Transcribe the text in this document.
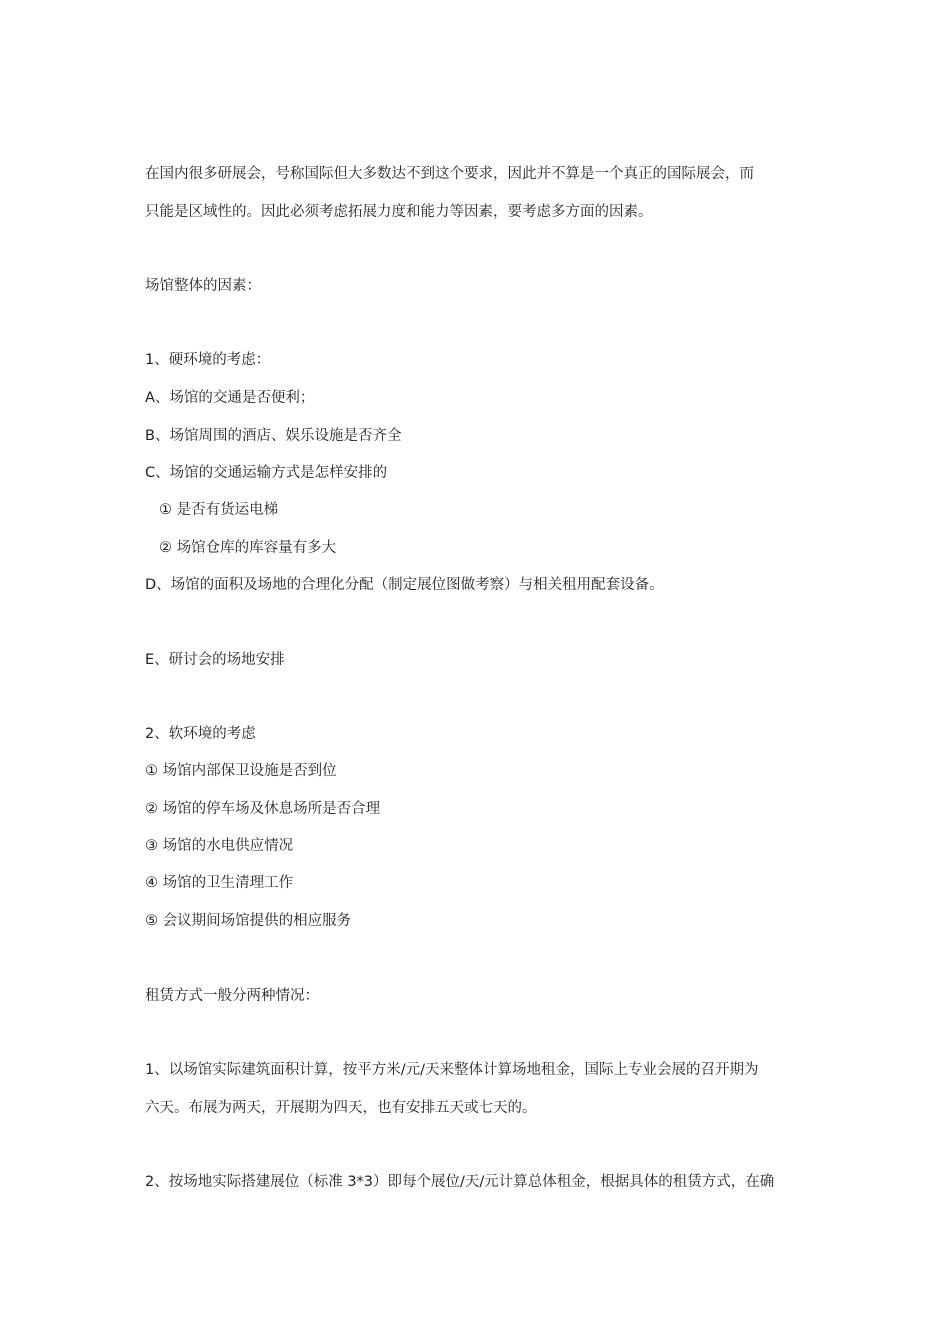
在国内很多研展会，号称国际但大多数达不到这个要求，因此并不算是一个真正的国际展会，而
只能是区域性的。因此必须考虑拓展力度和能力等因素，要考虑多方面的因素。
场馆整体的因素：
1、硬环境的考虑：
A、场馆的交通是否便利；
B、场馆周围的酒店、娱乐设施是否齐全
C、场馆的交通运输方式是怎样安排的
① 是否有货运电梯
② 场馆仓库的库容量有多大
D、场馆的面积及场地的合理化分配（制定展位图做考察）与相关租用配套设备。
E、研讨会的场地安排
2、软环境的考虑
① 场馆内部保卫设施是否到位
② 场馆的停车场及休息场所是否合理
③ 场馆的水电供应情况
④ 场馆的卫生清理工作
⑤ 会议期间场馆提供的相应服务
租赁方式一般分两种情况：
1、以场馆实际建筑面积计算，按平方米/元/天来整体计算场地租金，国际上专业会展的召开期为
六天。布展为两天，开展期为四天，也有安排五天或七天的。
2、按场地实际搭建展位（标准 3*3）即每个展位/天/元计算总体租金，根据具体的租赁方式，在确
